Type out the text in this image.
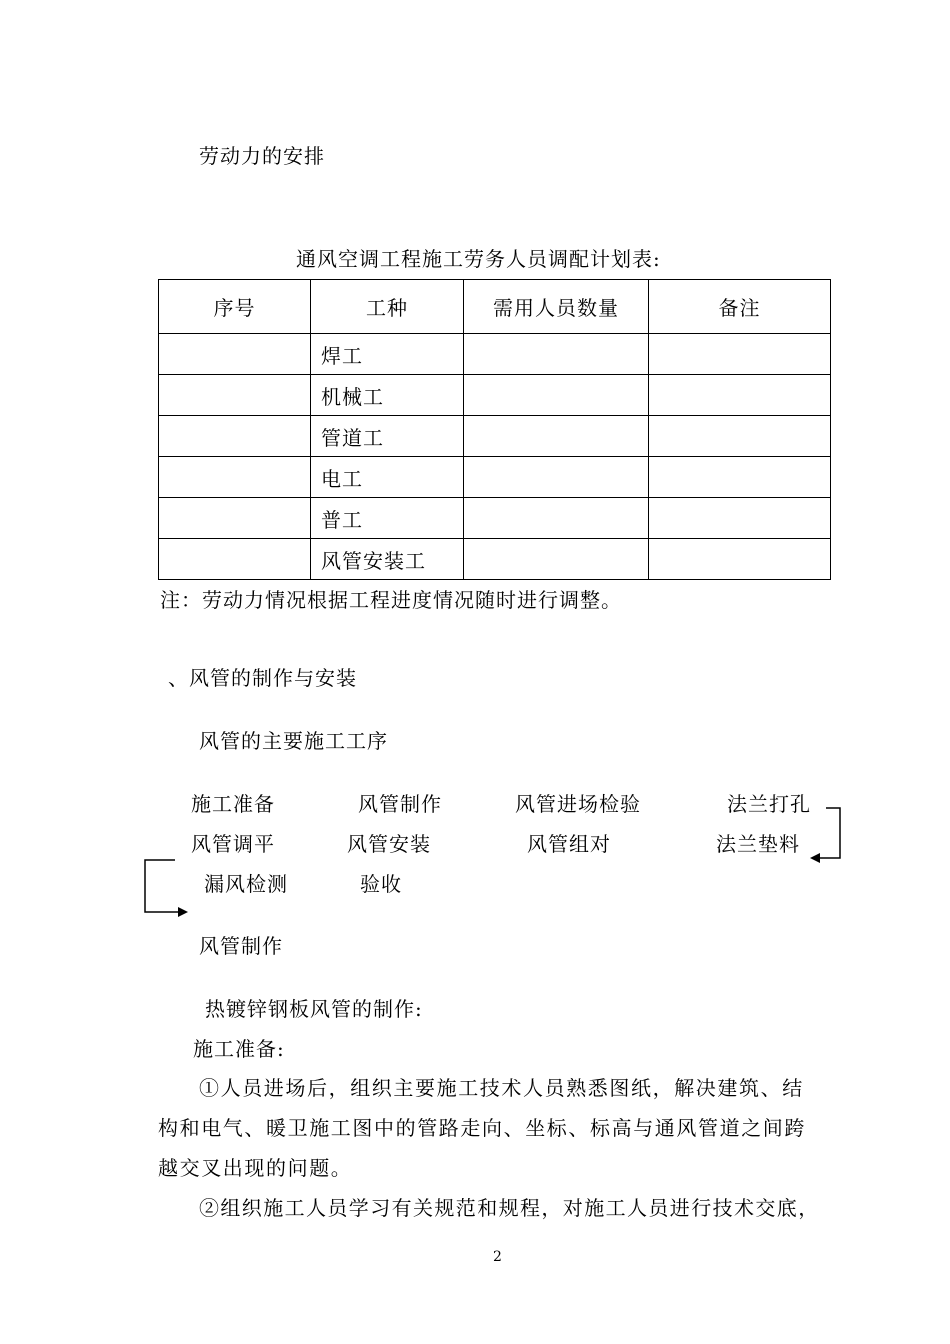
劳动力的安排
通风空调工程施工劳务人员调配计划表:
序号	工种	需用人员数量	备注
	焊工		
	机械工		
	管道工		
	电工		
	普工		
	风管安装工		
注：劳动力情况根据工程进度情况随时进行调整。
、风管的制作与安装
风管的主要施工工序
施工准备	风管制作	风管进场检验	法兰打孔
风管调平	风管安装	风管组对	法兰垫料
漏风检测	验收
风管制作
热镀锌钢板风管的制作:
施工准备:
①人员进场后，组织主要施工技术人员熟悉图纸，解决建筑、结
构和电气、暖卫施工图中的管路走向、坐标、标高与通风管道之间跨
越交叉出现的问题。
②组织施工人员学习有关规范和规程，对施工人员进行技术交底，
2
